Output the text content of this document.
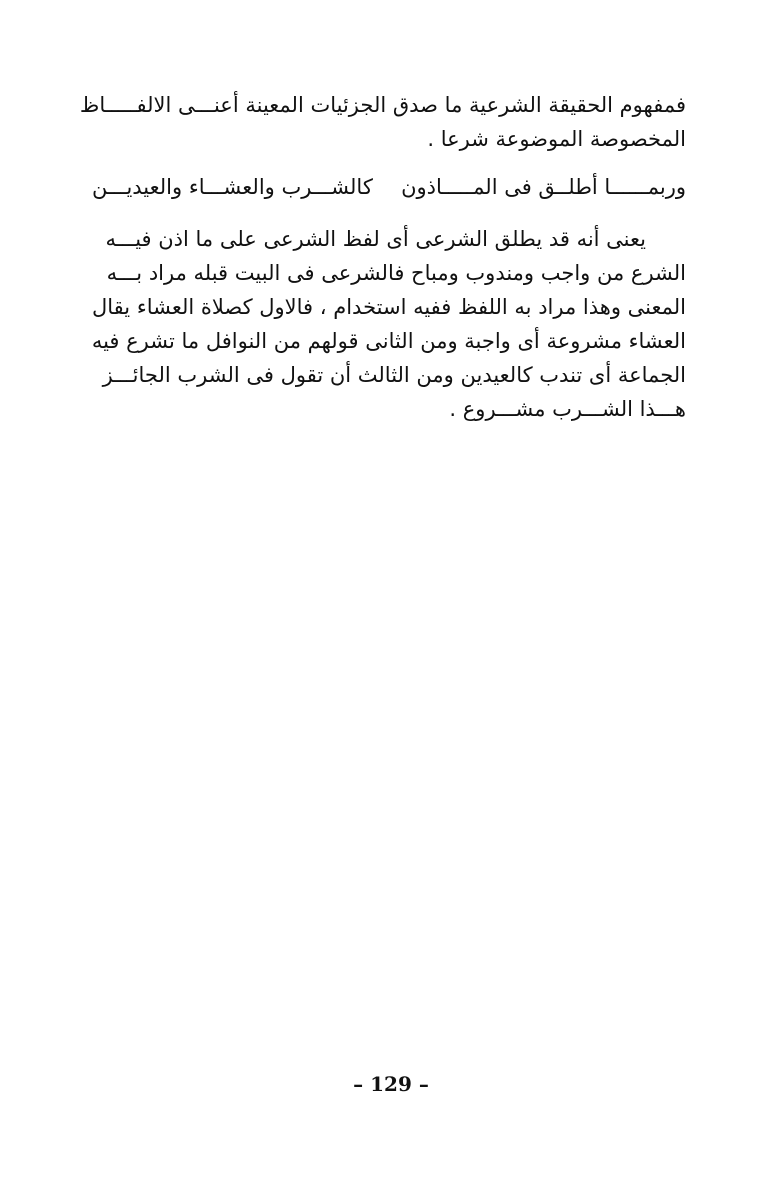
فمفهوم الحقيقة الشرعية ما صدق الجزئيات المعينة أعنـــى الالفـــــاظ
المخصوصة الموضوعة شرعا .
وربمــــــا أطلــق فى المـــــاذون
كالشـــرب والعشـــاء والعيديـــن
يعنى أنه قد يطلق الشرعى أى لفظ الشرعى على ما اذن فيـــه
الشرع من واجب ومندوب ومباح فالشرعى فى البيت قبله مراد بـــه
المعنى وهذا مراد به اللفظ ففيه استخدام ، فالاول كصلاة العشاء يقال
العشاء مشروعة أى واجبة ومن الثانى قولهم من النوافل ما تشرع فيه
الجماعة أى تندب كالعيدين ومن الثالث أن تقول فى الشرب الجائـــز
هـــذا الشـــرب مشـــروع .
– 129 –
